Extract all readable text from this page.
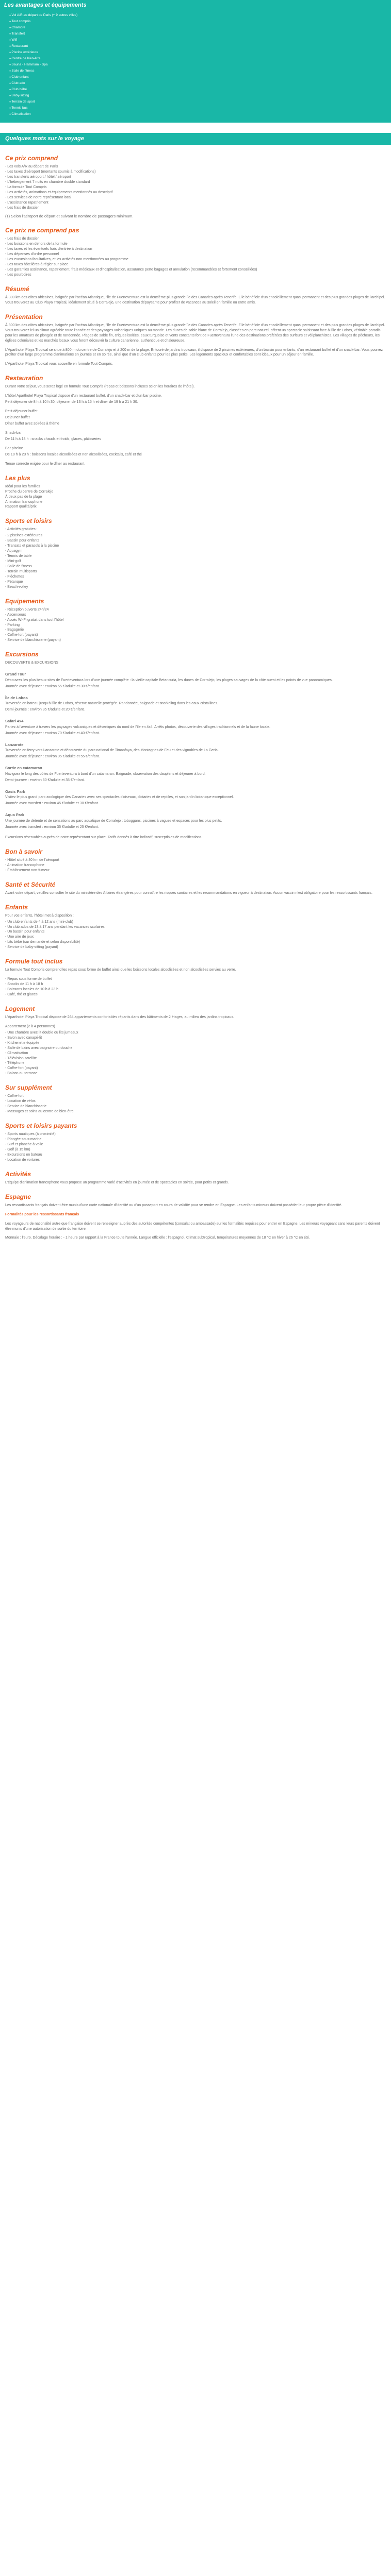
Les avantages et équipements
● Vol A/R au départ de Paris (+ 9 autres villes)
● Tout compris
● Chambre
● Transfert
● Wifi
● Restaurant
● Piscine extérieure
● Centre de bien-être
● Sauna - Hammam - Spa
● Salle de fitness
● Club enfant
● Club ado
● Club bébé
● Baby-sitting
● Terrain de sport
● Tennis bus
● Climatisation
Quelques mots sur le voyage
Ce prix comprend

- Les vols A/R au départ de Paris

- Les taxes d'aéroport (montants soumis à modifications)

- Les transferts aéroport / hôtel / aéroport

- L'hébergement 7 nuits en chambre double standard

- La formule Tout Compris

- Les activités, animations et équipements mentionnés au descriptif

- Les services de notre représentant local

- L'assistance rapatriement

- Les frais de dossier

(1) Selon l'aéroport de départ et suivant le nombre de passagers minimum.

Ce prix ne comprend pas

- Les frais de dossier

- Les boissons en dehors de la formule

- Les taxes et les éventuels frais d'entrée à destination

- Les dépenses d'ordre personnel

- Les excursions facultatives, et les activités non mentionnées au programme

- Les taxes hôtelières à régler sur place

- Les garanties assistance, rapatriement, frais médicaux et d'hospitalisation, assurance perte bagages et annulation (recommandées et fortement conseillées)

- Les pourboires

Résumé

À 300 km des côtes africaines, baignée par l'océan Atlantique, l'île de Fuerteventura est la deuxième plus grande île des Canaries après Tenerife. Elle bénéficie d'un ensoleillement quasi permanent et des plus grandes plages de l'archipel. Vous trouverez au Club Playa Tropical, idéalement situé à Corralejo, une destination dépaysante pour profiter de vacances au soleil en famille ou entre amis.

Présentation

À 300 km des côtes africaines, baignée par l'océan Atlantique, l'île de Fuerteventura est la deuxième plus grande île des Canaries après Tenerife. Elle bénéficie d'un ensoleillement quasi permanent et des plus grandes plages de l'archipel. Vous trouverez ici un climat agréable toute l'année et des paysages volcaniques uniques au monde. Les dunes de sable blanc de Corralejo, classées en parc naturel, offrent un spectacle saisissant face à l'île de Lobos, véritable paradis pour les amateurs de plongée et de randonnée. Plages de sable fin, criques isolées, eaux turquoise et vents constants font de Fuerteventura l'une des destinations préférées des surfeurs et véliplanchistes. Les villages de pêcheurs, les églises coloniales et les marchés locaux vous feront découvrir la culture canarienne, authentique et chaleureuse.

L'Aparthotel Playa Tropical se situe à 800 m du centre de Corralejo et à 200 m de la plage. Entouré de jardins tropicaux, il dispose de 2 piscines extérieures, d'un bassin pour enfants, d'un restaurant buffet et d'un snack-bar. Vous pourrez profiter d'un large programme d'animations en journée et en soirée, ainsi que d'un club enfants pour les plus petits. Les logements spacieux et confortables sont idéaux pour un séjour en famille.

L'Aparthotel Playa Tropical vous accueille en formule Tout Compris.

Restauration

Durant votre séjour, vous serez logé en formule Tout Compris (repas et boissons incluses selon les horaires de l'hôtel).

L'hôtel Aparthotel Playa Tropical dispose d'un restaurant buffet, d'un snack-bar et d'un bar piscine.

Petit déjeuner de 8 h à 10 h 30, déjeuner de 13 h à 15 h et dîner de 19 h à 21 h 30.

Petit déjeuner buffet

Déjeuner buffet

Dîner buffet avec soirées à thème

Snack-bar

De 11 h à 18 h : snacks chauds et froids, glaces, pâtisseries

Bar piscine

De 10 h à 23 h : boissons locales alcoolisées et non alcoolisées, cocktails, café et thé

Tenue correcte exigée pour le dîner au restaurant.

Les plus

Idéal pour les familles

Proche du centre de Corralejo

À deux pas de la plage

Animation francophone

Rapport qualité/prix

Sports et loisirs

- Activités gratuites :

- 2 piscines extérieures

- Bassin pour enfants

- Transats et parasols à la piscine

- Aquagym

- Tennis de table

- Mini-golf

- Salle de fitness

- Terrain multisports

- Fléchettes

- Pétanque

- Beach-volley

Equipements

- Réception ouverte 24h/24

- Ascenseurs

- Accès Wi-Fi gratuit dans tout l'hôtel

- Parking

- Bagagerie

- Coffre-fort (payant)

- Service de blanchisserie (payant)

Excursions

DÉCOUVERTE & EXCURSIONS

Grand Tour

Découvrez les plus beaux sites de Fuerteventura lors d'une journée complète : la vieille capitale Betancuria, les dunes de Corralejo, les plages sauvages de la côte ouest et les points de vue panoramiques.

Journée avec déjeuner : environ 55 €/adulte et 30 €/enfant.

Île de Lobos

Traversée en bateau jusqu'à l'île de Lobos, réserve naturelle protégée. Randonnée, baignade et snorkeling dans les eaux cristallines.

Demi-journée : environ 35 €/adulte et 20 €/enfant.

Safari 4x4

Partez à l'aventure à travers les paysages volcaniques et désertiques du nord de l'île en 4x4. Arrêts photos, découverte des villages traditionnels et de la faune locale.

Journée avec déjeuner : environ 70 €/adulte et 40 €/enfant.

Lanzarote

Traversée en ferry vers Lanzarote et découverte du parc national de Timanfaya, des Montagnes de Feu et des vignobles de La Geria.

Journée avec déjeuner : environ 95 €/adulte et 55 €/enfant.

Sortie en catamaran

Naviguez le long des côtes de Fuerteventura à bord d'un catamaran. Baignade, observation des dauphins et déjeuner à bord.

Demi-journée : environ 60 €/adulte et 35 €/enfant.

Oasis Park

Visitez le plus grand parc zoologique des Canaries avec ses spectacles d'oiseaux, d'otaries et de reptiles, et son jardin botanique exceptionnel.

Journée avec transfert : environ 45 €/adulte et 30 €/enfant.

Aqua Park

Une journée de détente et de sensations au parc aquatique de Corralejo : toboggans, piscines à vagues et espaces pour les plus petits.

Journée avec transfert : environ 35 €/adulte et 25 €/enfant.

Excursions réservables auprès de notre représentant sur place. Tarifs donnés à titre indicatif, susceptibles de modifications.

Bon à savoir

- Hôtel situé à 40 km de l'aéroport

- Animation francophone

- Établissement non-fumeur

Santé et Sécurité

Avant votre départ, veuillez consulter le site du ministère des Affaires étrangères pour connaître les risques sanitaires et les recommandations en vigueur à destination. Aucun vaccin n'est obligatoire pour les ressortissants français.

Enfants

Pour vos enfants, l'hôtel met à disposition :

- Un club enfants de 4 à 12 ans (mini-club)

- Un club ados de 13 à 17 ans pendant les vacances scolaires

- Un bassin pour enfants

- Une aire de jeux

- Lits bébé (sur demande et selon disponibilité)

- Service de baby-sitting (payant)

Formule tout inclus

La formule Tout Compris comprend les repas sous forme de buffet ainsi que les boissons locales alcoolisées et non alcoolisées servies au verre.

- Repas sous forme de buffet

- Snacks de 11 h à 18 h

- Boissons locales de 10 h à 23 h

- Café, thé et glaces

Logement

L'Aparthotel Playa Tropical dispose de 264 appartements confortables répartis dans des bâtiments de 2 étages, au milieu des jardins tropicaux.

Appartement (2 à 4 personnes)

- Une chambre avec lit double ou lits jumeaux

- Salon avec canapé-lit

- Kitchenette équipée

- Salle de bains avec baignoire ou douche

- Climatisation

- Télévision satellite

- Téléphone

- Coffre-fort (payant)

- Balcon ou terrasse

Sur supplément

- Coffre-fort

- Location de vélos

- Service de blanchisserie

- Massages et soins au centre de bien-être

Sports et loisirs payants

- Sports nautiques (à proximité)

- Plongée sous-marine

- Surf et planche à voile

- Golf (à 15 km)

- Excursions en bateau

- Location de voitures

Activités

L'équipe d'animation francophone vous propose un programme varié d'activités en journée et de spectacles en soirée, pour petits et grands.

Espagne

Les ressortissants français doivent être munis d'une carte nationale d'identité ou d'un passeport en cours de validité pour se rendre en Espagne. Les enfants mineurs doivent posséder leur propre pièce d'identité.

Formalités pour les ressortissants français

Les voyageurs de nationalité autre que française doivent se renseigner auprès des autorités compétentes (consulat ou ambassade) sur les formalités requises pour entrer en Espagne. Les mineurs voyageant sans leurs parents doivent être munis d'une autorisation de sortie du territoire.

Monnaie : l'euro. Décalage horaire : - 1 heure par rapport à la France toute l'année. Langue officielle : l'espagnol. Climat subtropical, températures moyennes de 18 °C en hiver à 26 °C en été.
